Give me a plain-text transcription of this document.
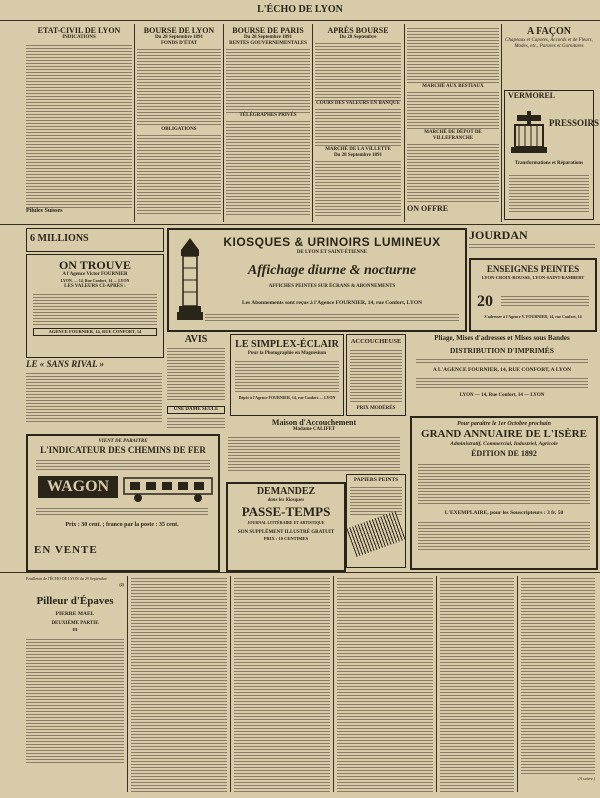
L'ÉCHO DE LYON
ETAT-CIVIL DE LYON
INDICATIONS
Pilules Suisses
BOURSE DE LYON
Du 28 Septembre 1891
FONDS D'ÉTAT
OBLIGATIONS
BOURSE DE PARIS
Du 28 Septembre 1891
RENTES GOUVERNEMENTALES
TÉLÉGRAPHES PRIVÉS
APRÈS BOURSE
Du 28 Septembre
COURS DES VALEURS EN BANQUE
MARCHÉ DE LA VILLETTE
Du 28 Septembre 1891
MARCHÉ AUX BESTIAUX
MARCHÉ DE DÉPOT DE VILLEFRANCHE
ON OFFRE
A FAÇON
Chapeaux et Capotes, Accords et de Fleurs, Modes, etc., Parures et Garnitures
VERMOREL
PRESSOIRS
Transformations et Réparations
6 MILLIONS
ON TROUVE
A l'Agence Victor FOURNIER
LYON. — 14, Rue Confort, 14 — LYON
LES VALEURS CI-APRÈS :
AGENCE FOURNIER, 14, RUE CONFORT, 14
LE « SANS RIVAL »
KIOSQUES & URINOIRS LUMINEUX
DE LYON ET SAINT-ÉTIENNE
Affichage diurne & nocturne
AFFICHES PEINTES SUR ÉCRANS & ABONNEMENTS
Les Abonnements sont reçus à l'Agence FOURNIER, 14, rue Confort, LYON
JOURDAN
ENSEIGNES PEINTES
LYON-CROIX-ROUSSE, LYON-SAINT-RAMBERT
20
S'adresser à l'Agence V. FOURNIER, 14, rue Confort, 14
AVIS
UNE DAME SEULE
LE SIMPLEX-ÉCLAIR
Pour la Photographie en Magnésium
Dépôt à l'Agence FOURNIER, 14, rue Confort — LYON
ACCOUCHEUSE
PRIX MODÉRÉS
Pliage, Mises d'adresses et Mises sous Bandes
DISTRIBUTION D'IMPRIMÉS
A L'AGENCE FOURNIER, 14, RUE CONFORT, A LYON
LYON — 14, Rue Confort, 14 — LYON
VIENT DE PARAITRE
L'INDICATEUR DES CHEMINS DE FER
WAGON
Prix : 30 cent. ; franco par la poste : 35 cent.
EN VENTE
Maison d'Accouchement
Madame CALIFET
DEMANDEZ
dans les Kiosques
PASSE-TEMPS
JOURNAL LITTÉRAIRE ET ARTISTIQUE
SON SUPPLÉMENT ILLUSTRÉ GRATUIT
PRIX : 10 CENTIMES
PAPIERS PEINTS
Pour paraître le 1er Octobre prochain
GRAND ANNUAIRE DE L'ISÈRE
Administratif, Commercial, Industriel, Agricole
ÉDITION DE 1892
L'EXEMPLAIRE, pour les Souscripteurs : 3 fr. 50
Feuilleton de l'ÉCHO DE LYON du 29 Septembre
(2)
Pilleur d'Épaves
PIERRE MAEL
DEUXIÈME PARTIE
III
(A suivre.)
